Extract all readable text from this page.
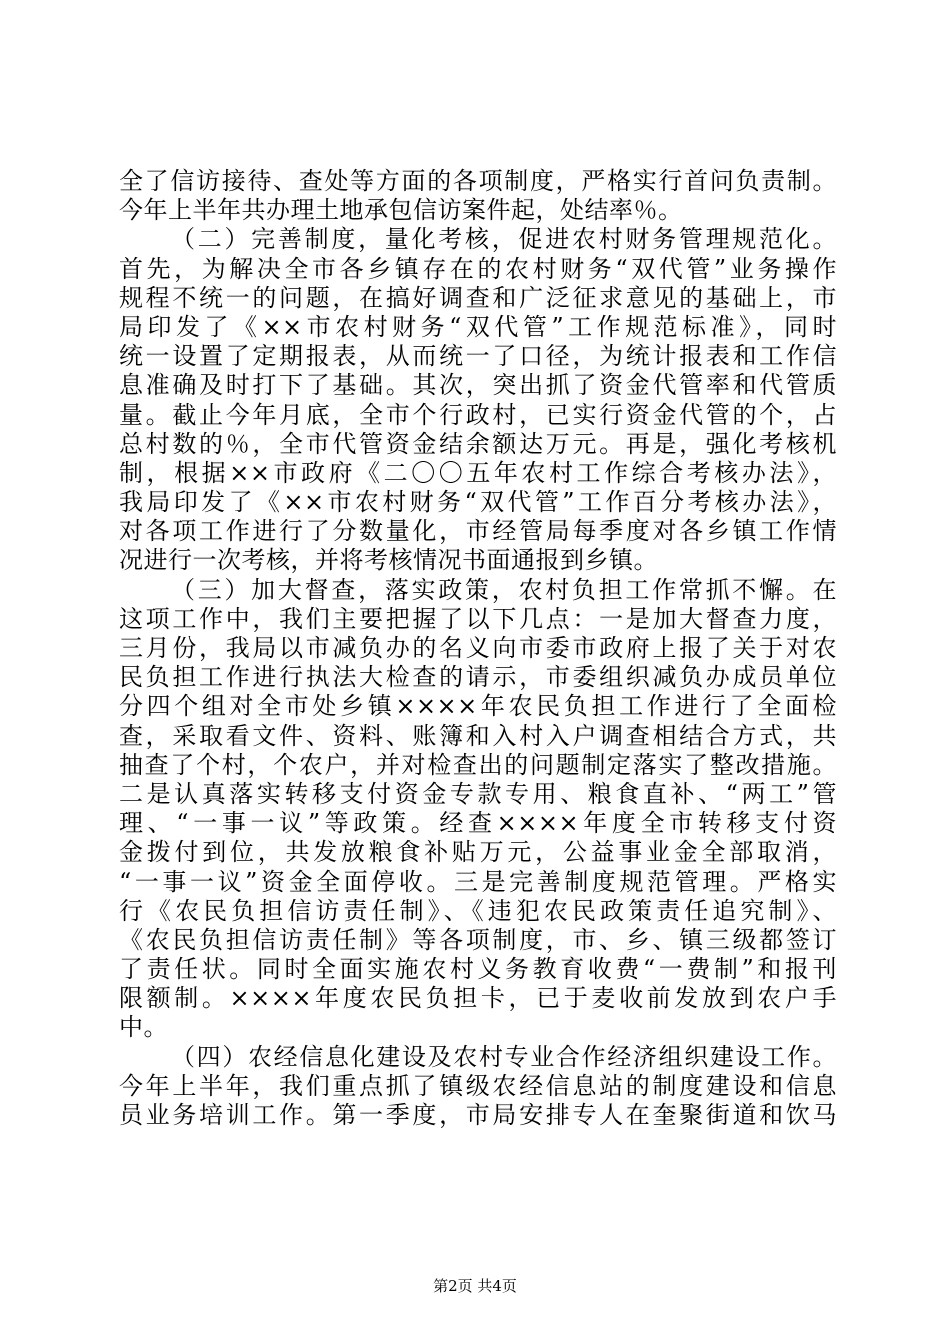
全了信访接待、查处等方面的各项制度，严格实行首问负责制。
今年上半年共办理土地承包信访案件起，处结率％。
（二）完善制度，量化考核，促进农村财务管理规范化。
首先，为解决全市各乡镇存在的农村财务“双代管”业务操作
规程不统一的问题，在搞好调查和广泛征求意见的基础上，市
局印发了《××市农村财务“双代管”工作规范标准》，同时
统一设置了定期报表，从而统一了口径，为统计报表和工作信
息准确及时打下了基础。其次，突出抓了资金代管率和代管质
量。截止今年月底，全市个行政村，已实行资金代管的个，占
总村数的％，全市代管资金结余额达万元。再是，强化考核机
制，根据××市政府《二〇〇五年农村工作综合考核办法》，
我局印发了《××市农村财务“双代管”工作百分考核办法》，
对各项工作进行了分数量化，市经管局每季度对各乡镇工作情
况进行一次考核，并将考核情况书面通报到乡镇。
（三）加大督查，落实政策，农村负担工作常抓不懈。在
这项工作中，我们主要把握了以下几点：一是加大督查力度，
三月份，我局以市减负办的名义向市委市政府上报了关于对农
民负担工作进行执法大检查的请示，市委组织减负办成员单位
分四个组对全市处乡镇××××年农民负担工作进行了全面检
查，采取看文件、资料、账簿和入村入户调查相结合方式，共
抽查了个村，个农户，并对检查出的问题制定落实了整改措施。
二是认真落实转移支付资金专款专用、粮食直补、“两工”管
理、“一事一议”等政策。经查××××年度全市转移支付资
金拨付到位，共发放粮食补贴万元，公益事业金全部取消，
“一事一议”资金全面停收。三是完善制度规范管理。严格实
行《农民负担信访责任制》、《违犯农民政策责任追究制》、
《农民负担信访责任制》等各项制度，市、乡、镇三级都签订
了责任状。同时全面实施农村义务教育收费“一费制”和报刊
限额制。××××年度农民负担卡，已于麦收前发放到农户手
中。
（四）农经信息化建设及农村专业合作经济组织建设工作。
今年上半年，我们重点抓了镇级农经信息站的制度建设和信息
员业务培训工作。第一季度，市局安排专人在奎聚街道和饮马
第2页 共4页
